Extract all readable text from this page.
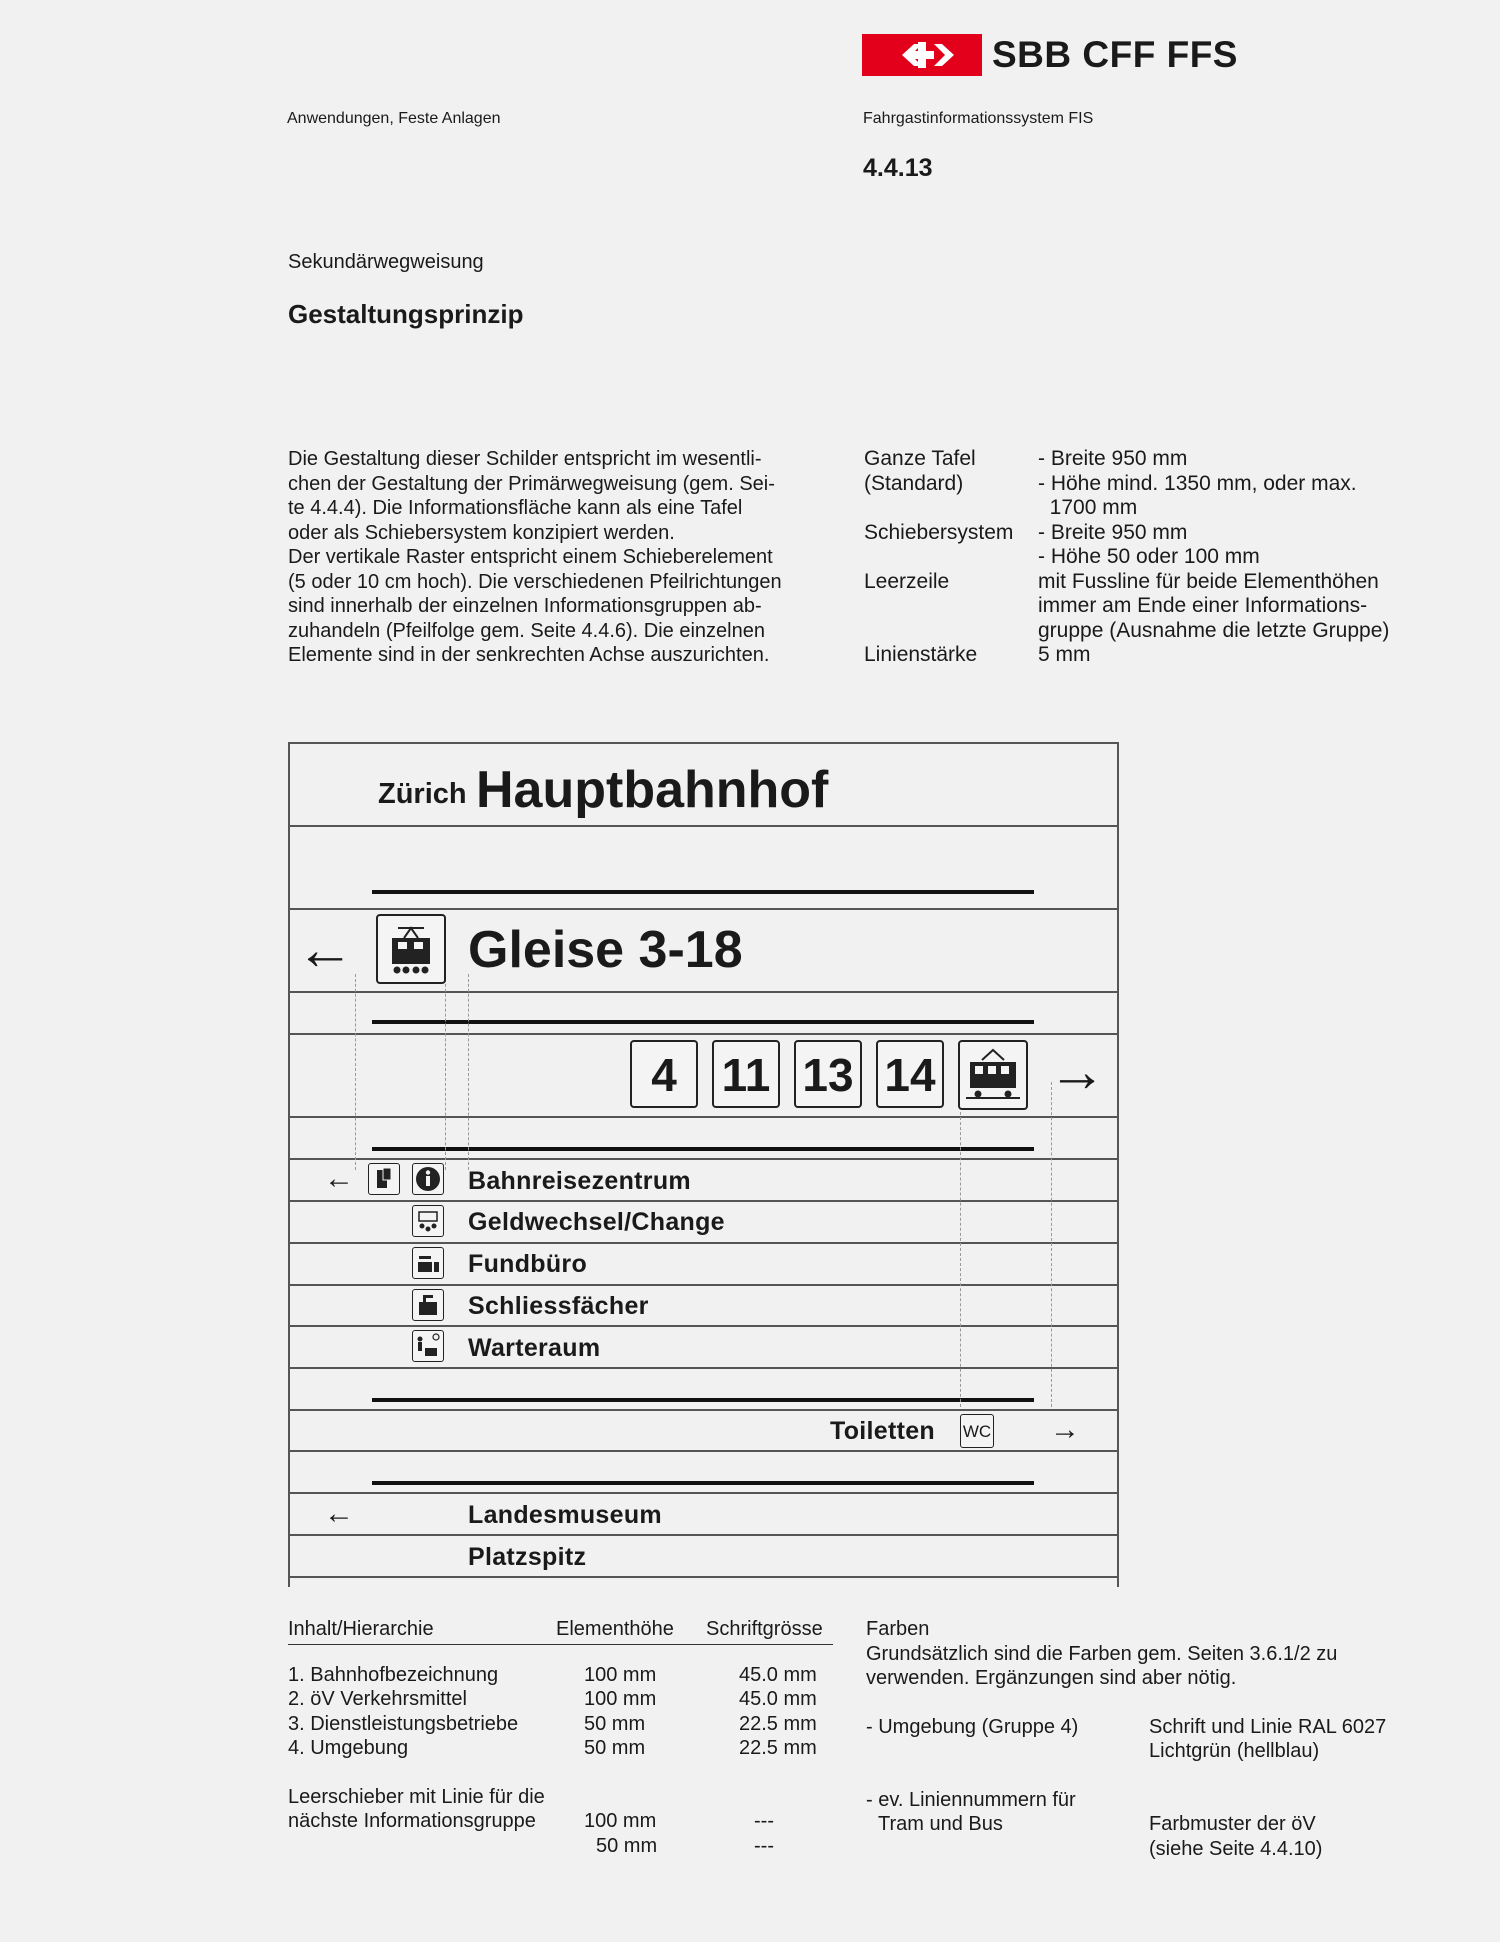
SBB CFF FFS
Anwendungen, Feste Anlagen	Fahrgastinformationssystem FIS
4.4.13
Sekundärwegweisung
Gestaltungsprinzip
Die Gestaltung dieser Schilder entspricht im wesentli-
chen der Gestaltung der Primärwegweisung (gem. Sei-
te 4.4.4). Die Informationsfläche kann als eine Tafel
oder als Schiebersystem konzipiert werden.
Der vertikale Raster entspricht einem Schieberelement
(5 oder 10 cm hoch). Die verschiedenen Pfeilrichtungen
sind innerhalb der einzelnen Informationsgruppen ab-
zuhandeln (Pfeilfolge gem. Seite 4.4.6). Die einzelnen
Elemente sind in der senkrechten Achse auszurichten.
Ganze Tafel	- Breite 950 mm
(Standard)	- Höhe mind. 1350 mm, oder max.
1700 mm
Schiebersystem	- Breite 950 mm
- Höhe 50 oder 100 mm
Leerzeile	mit Fussline für beide Elementhöhen
immer am Ende einer Informations-
gruppe (Ausnahme die letzte Gruppe)
Linienstärke	5 mm
Zürich Hauptbahnhof
← Gleise 3-18
4 11 13 14 →
←	Bahnreisezentrum
Geldwechsel/Change
Fundbüro
Schliessfächer
Warteraum
Toiletten WC →
←	Landesmuseum
Platzspitz
Inhalt/Hierarchie	Elementhöhe	Schriftgrösse
1. Bahnhofbezeichnung	100 mm	45.0 mm
2. öV Verkehrsmittel	100 mm	45.0 mm
3. Dienstleistungsbetriebe	50 mm	22.5 mm
4. Umgebung	50 mm	22.5 mm
Leerschieber mit Linie für die
nächste Informationsgruppe	100 mm	---
50 mm	---
Farben
Grundsätzlich sind die Farben gem. Seiten 3.6.1/2 zu
verwenden. Ergänzungen sind aber nötig.
- Umgebung (Gruppe 4)	Schrift und Linie RAL 6027
Lichtgrün (hellblau)
- ev. Liniennummern für
Tram und Bus	Farbmuster der öV
(siehe Seite 4.4.10)
